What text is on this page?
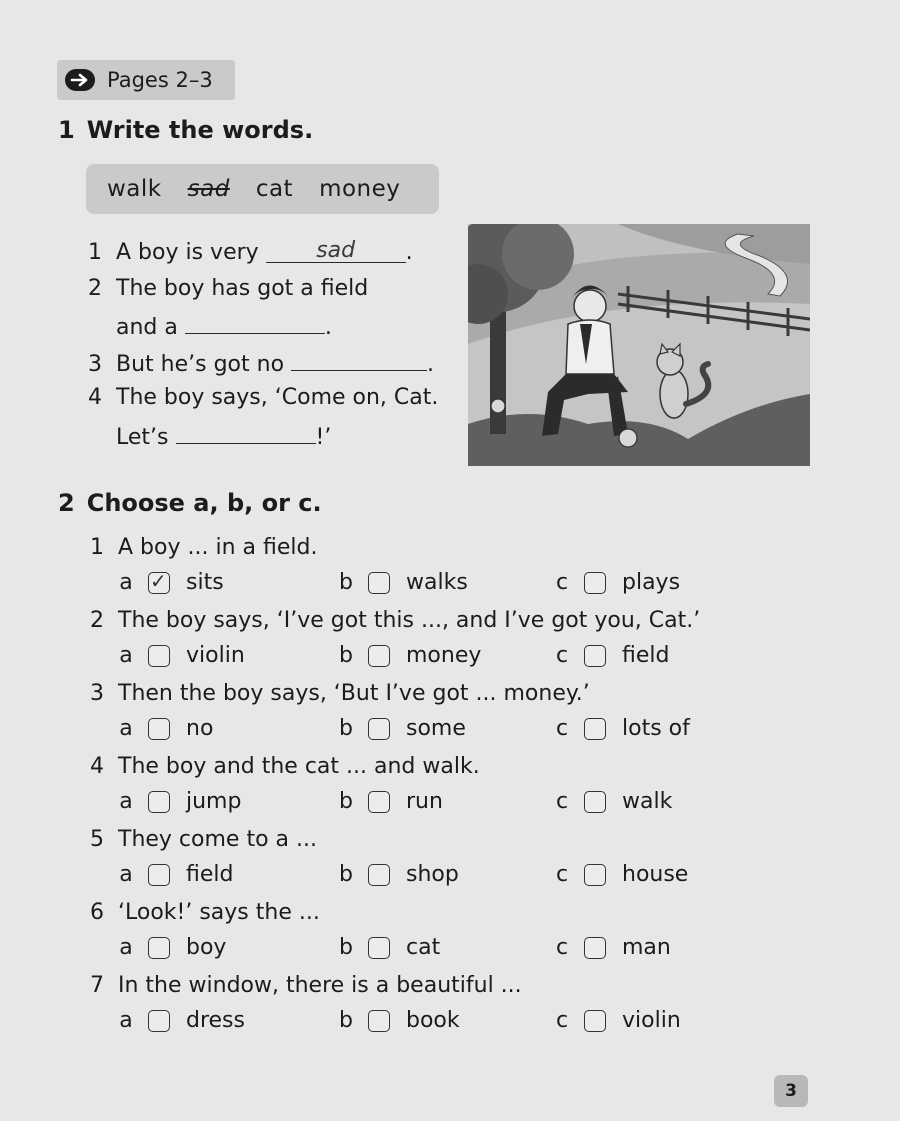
Pages 2–3
1 Write the words.
walk sad cat money
1 A boy is very	sad .
2 The boy has got a field
and a	.
3 But he’s got no	.
4 The boy says, ‘Come on, Cat.
Let’s	!’
2 Choose a, b, or c.
1 A boy ... in a field.
a ✓ sits	b walks	c plays
2 The boy says, ‘I’ve got this ..., and I’ve got you, Cat.’
a violin	b money	c field
3 Then the boy says, ‘But I’ve got ... money.’
a no	b some	c lots of
4 The boy and the cat ... and walk.
a jump	b run	c walk
5 They come to a ...
a field	b shop	c house
6 ‘Look!’ says the ...
a boy	b cat	c man
7 In the window, there is a beautiful ...
a dress	b book	c violin
3
